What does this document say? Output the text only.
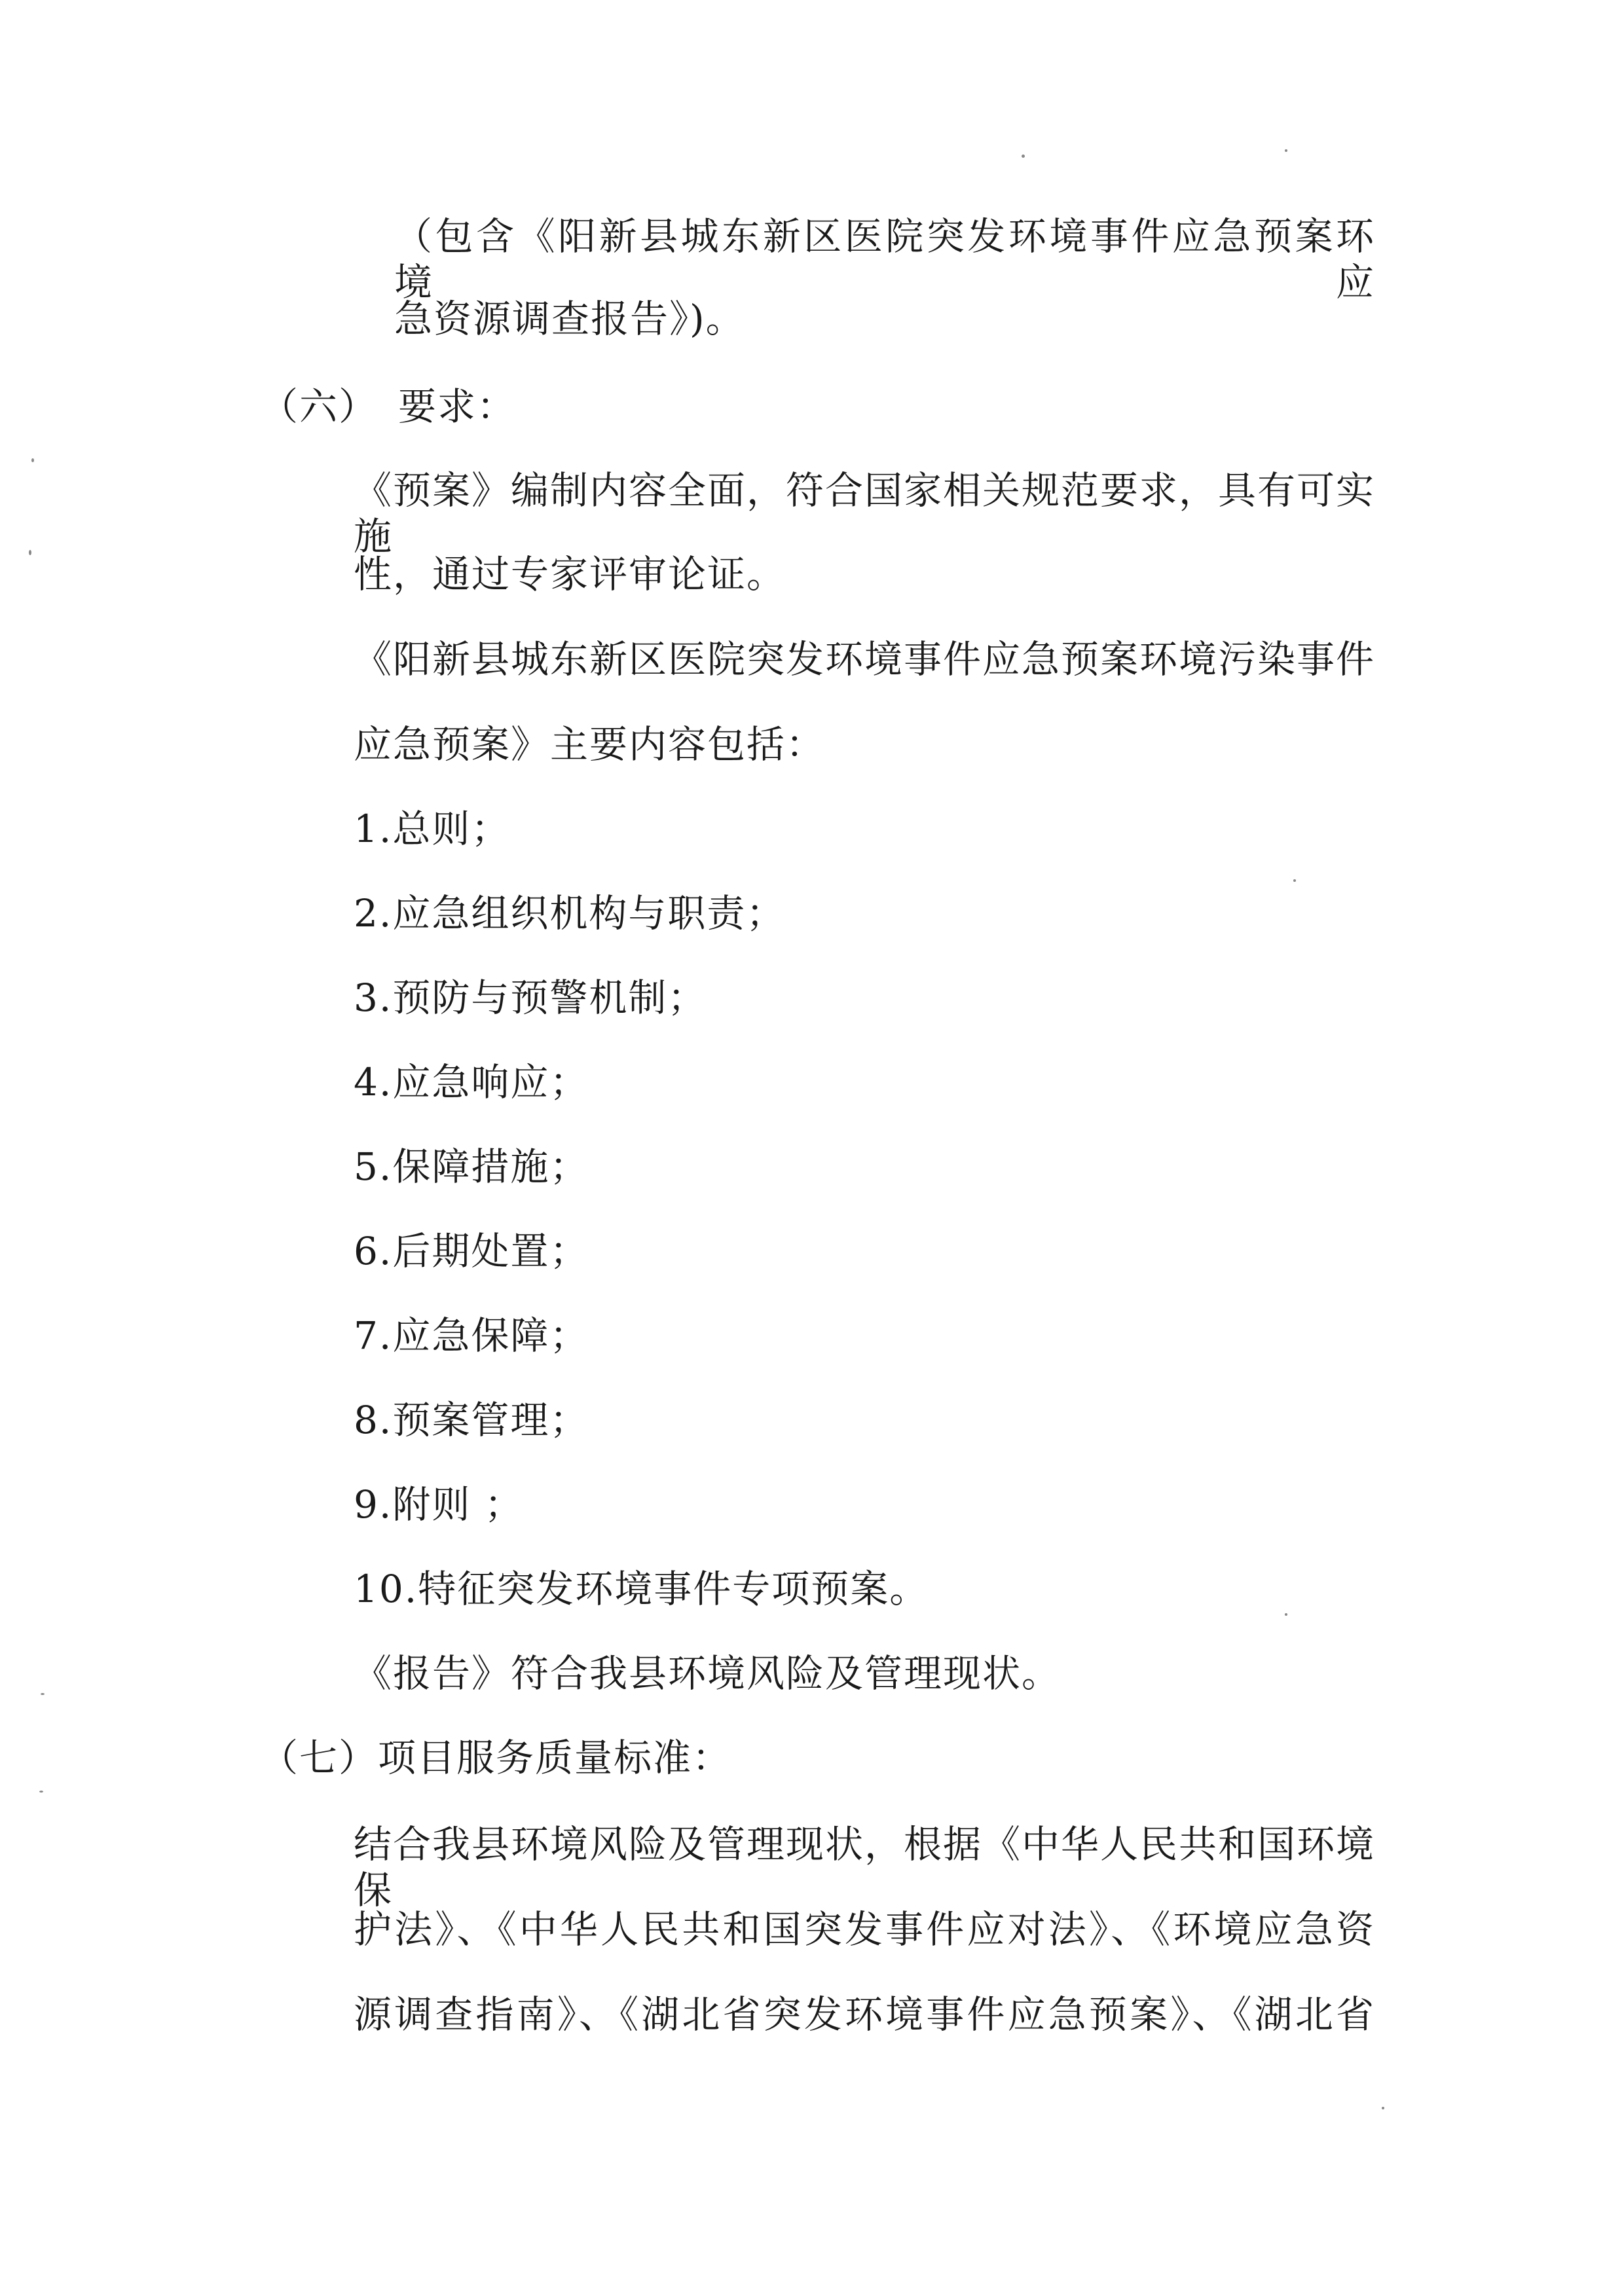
（包含《阳新县城东新区医院突发环境事件应急预案环境应
急资源调查报告》)。
（六）　要求：
《预案》编制内容全面，符合国家相关规范要求，具有可实施
性，通过专家评审论证。
《阳新县城东新区医院突发环境事件应急预案环境污染事件
应急预案》主要内容包括：
1.总则；
2.应急组织机构与职责；
3.预防与预警机制；
4.应急响应；
5.保障措施；
6.后期处置；
7.应急保障；
8.预案管理；
9.附则 ；
10.特征突发环境事件专项预案。
《报告》符合我县环境风险及管理现状。
（七）项目服务质量标准：
结合我县环境风险及管理现状，根据《中华人民共和国环境保
护法》、《中华人民共和国突发事件应对法》、《环境应急资
源调查指南》、《湖北省突发环境事件应急预案》、《湖北省
